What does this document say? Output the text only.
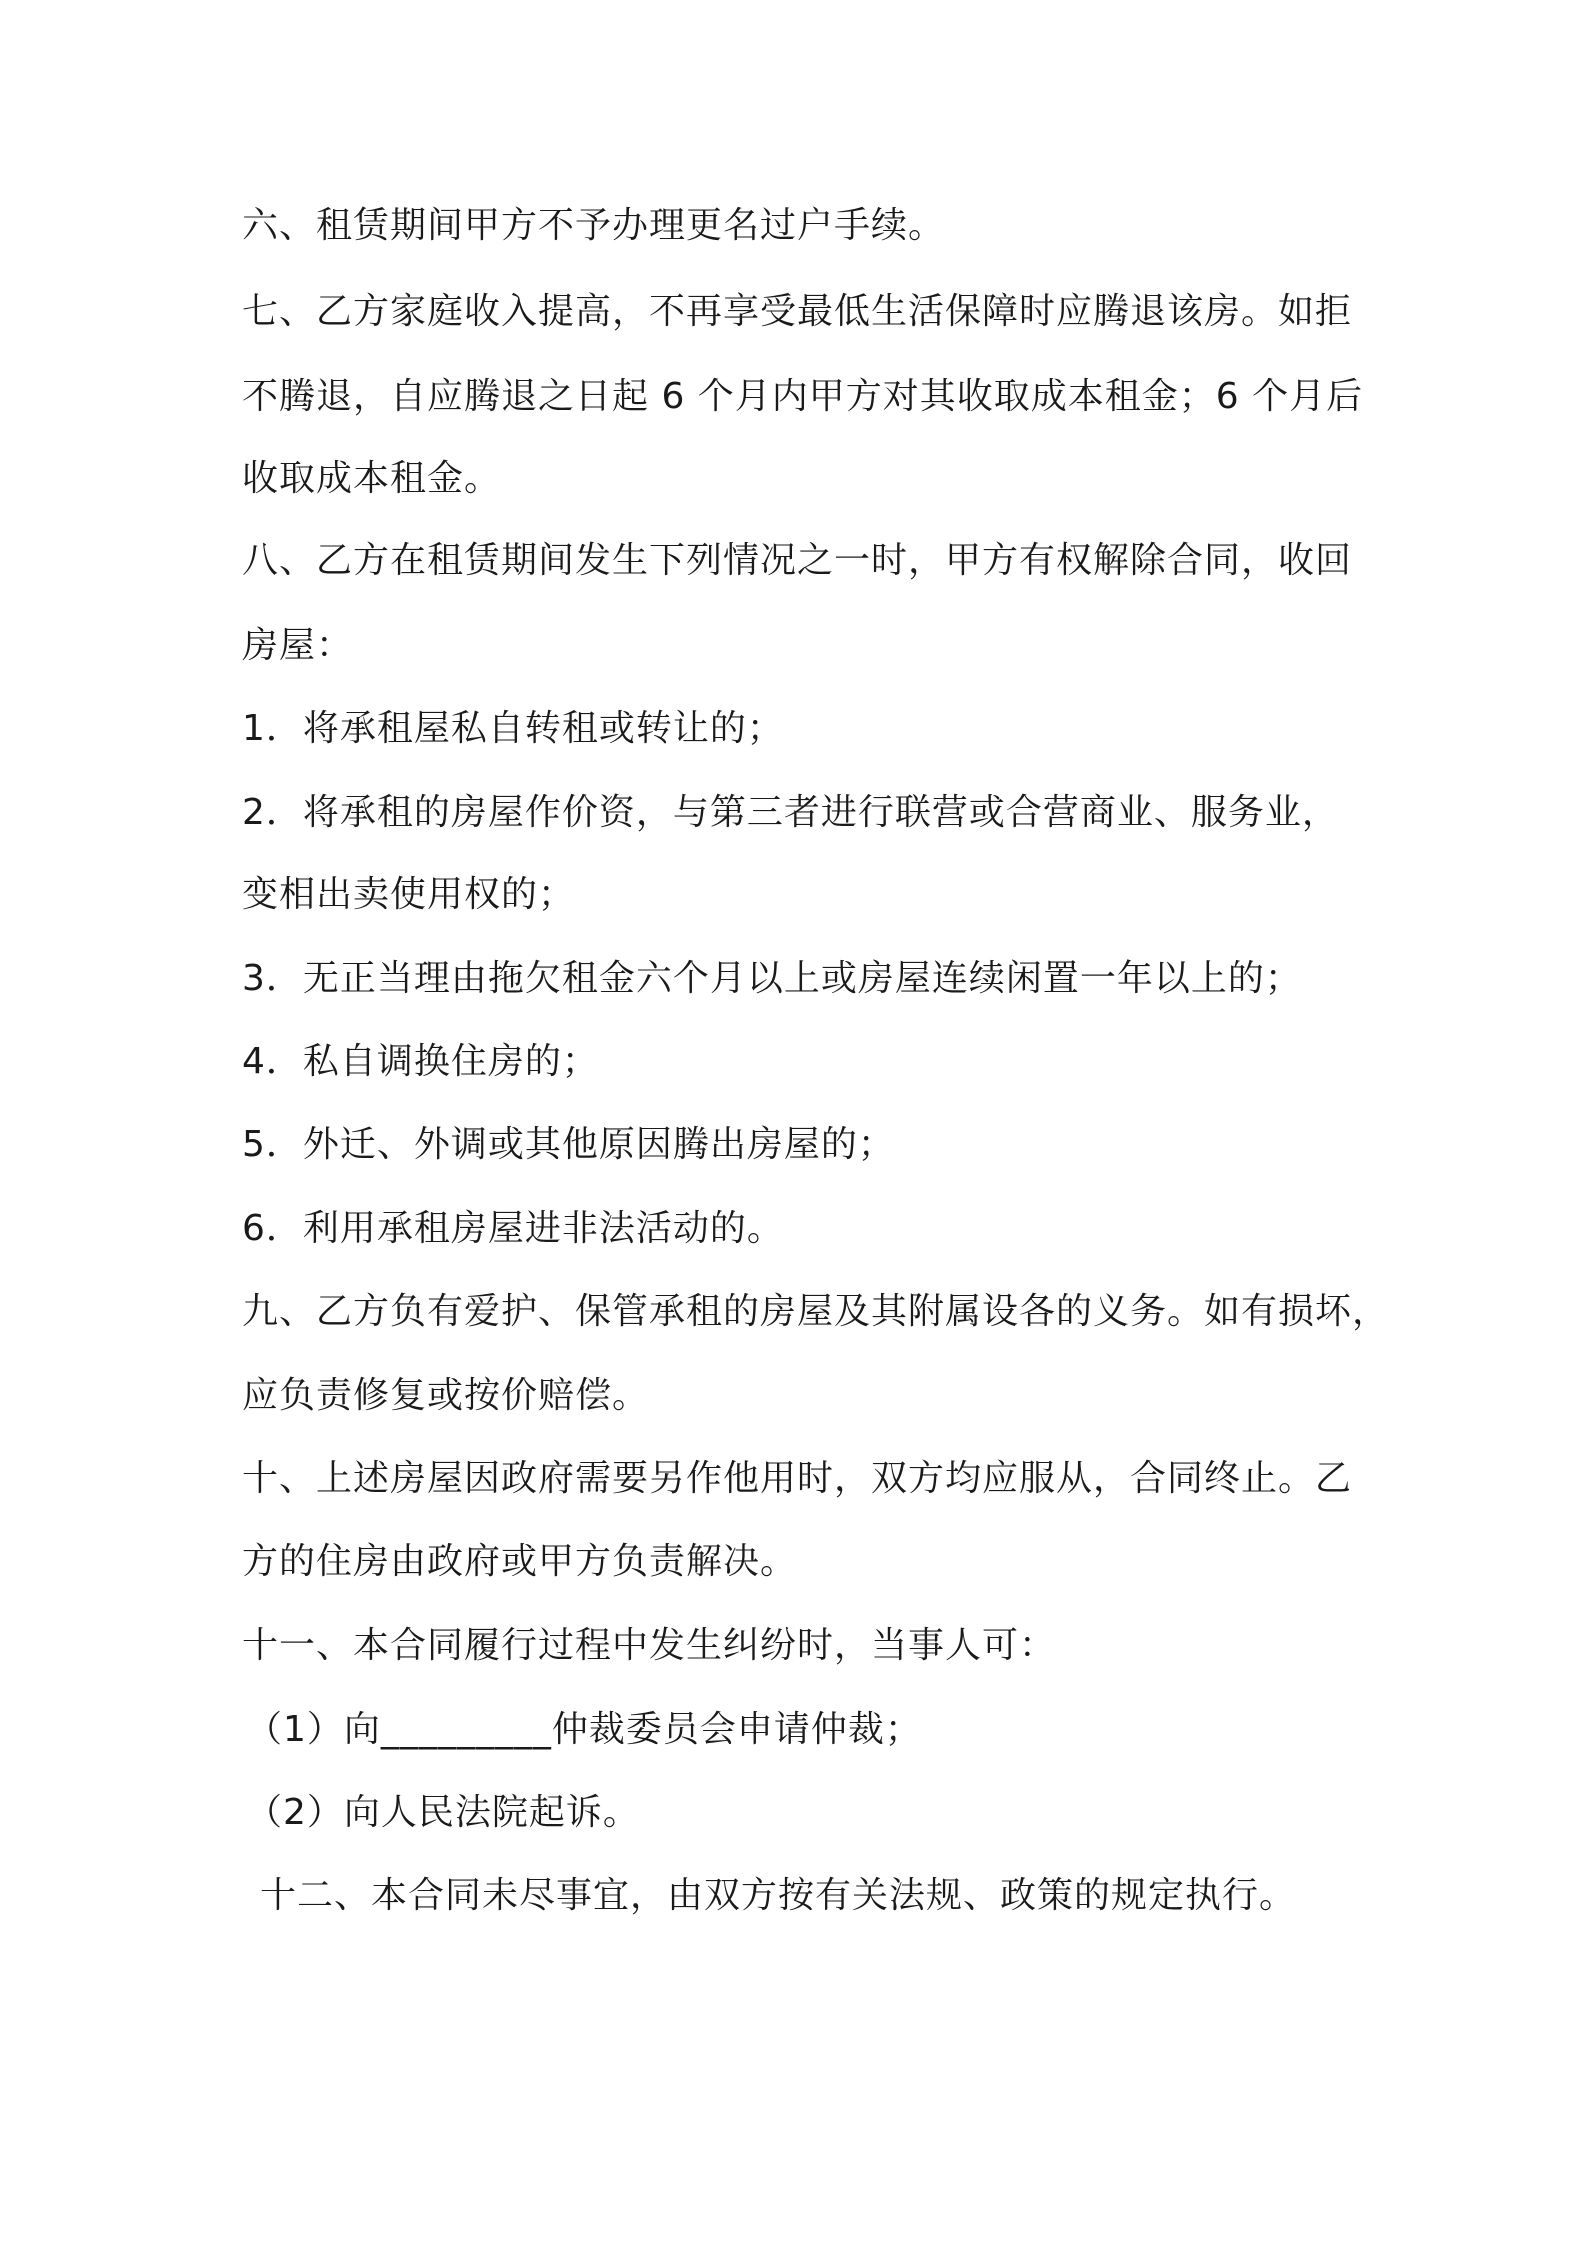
六、租赁期间甲方不予办理更名过户手续。
七、乙方家庭收入提高，不再享受最低生活保障时应腾退该房。如拒
不腾退，自应腾退之日起 6 个月内甲方对其收取成本租金；6 个月后
收取成本租金。
八、乙方在租赁期间发生下列情况之一时，甲方有权解除合同，收回
房屋：
1．将承租屋私自转租或转让的；
2．将承租的房屋作价资，与第三者进行联营或合营商业、服务业，
变相出卖使用权的；
3．无正当理由拖欠租金六个月以上或房屋连续闲置一年以上的；
4．私自调换住房的；
5．外迁、外调或其他原因腾出房屋的；
6．利用承租房屋进非法活动的。
九、乙方负有爱护、保管承租的房屋及其附属设各的义务。如有损坏，
应负责修复或按价赔偿。
十、上述房屋因政府需要另作他用时，双方均应服从，合同终止。乙
方的住房由政府或甲方负责解决。
十一、本合同履行过程中发生纠纷时，当事人可：
（1）向_________仲裁委员会申请仲裁；
（2）向人民法院起诉。
十二、本合同未尽事宜，由双方按有关法规、政策的规定执行。
